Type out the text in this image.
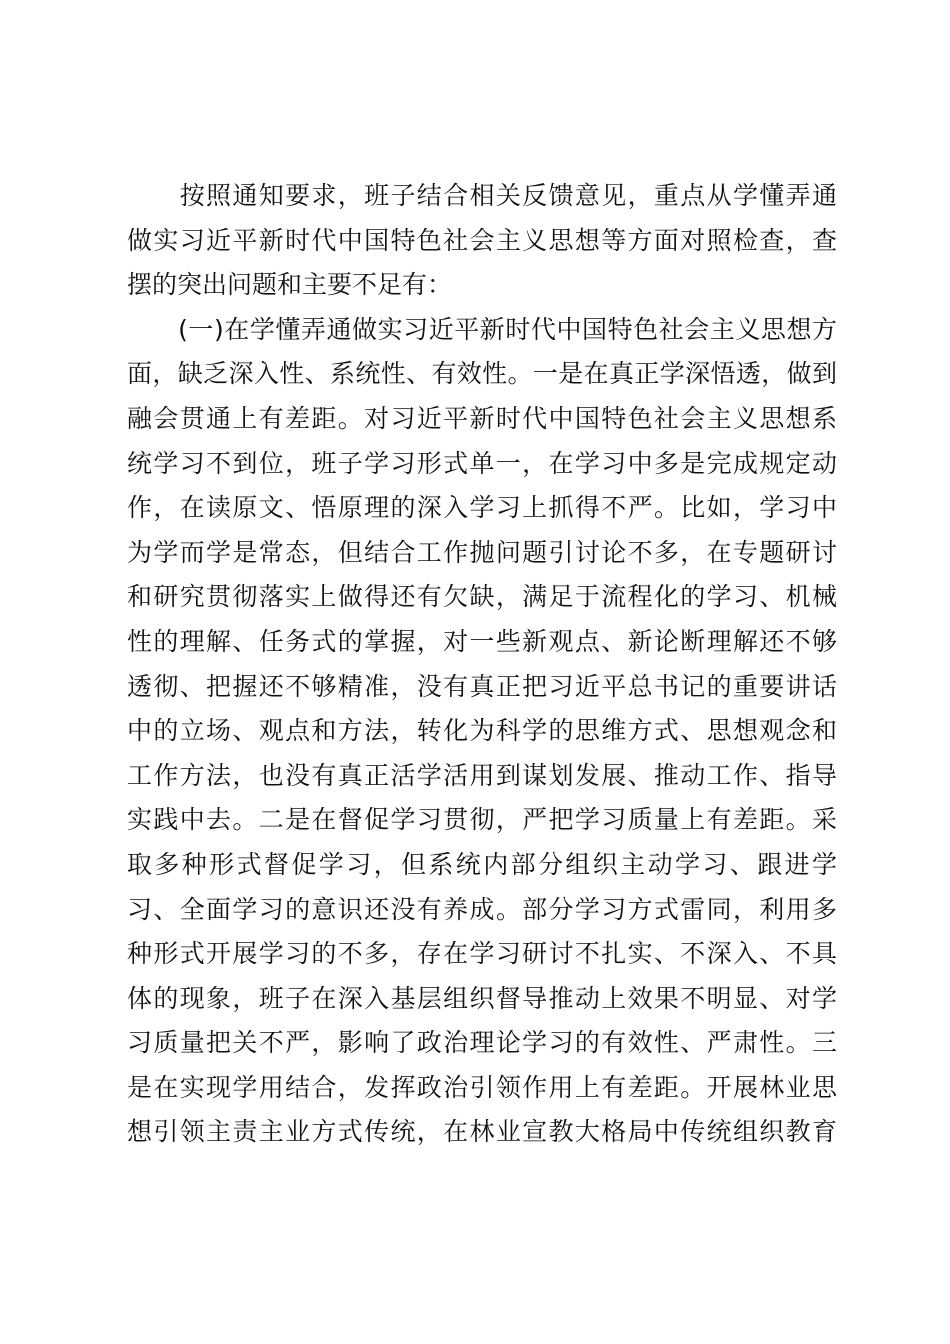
　　按照通知要求，班子结合相关反馈意见，重点从学懂弄通
做实习近平新时代中国特色社会主义思想等方面对照检查，查
摆的突出问题和主要不足有：
　　(一)在学懂弄通做实习近平新时代中国特色社会主义思想方
面，缺乏深入性、系统性、有效性。一是在真正学深悟透，做到
融会贯通上有差距。对习近平新时代中国特色社会主义思想系
统学习不到位，班子学习形式单一，在学习中多是完成规定动
作，在读原文、悟原理的深入学习上抓得不严。比如，学习中
为学而学是常态，但结合工作抛问题引讨论不多，在专题研讨
和研究贯彻落实上做得还有欠缺，满足于流程化的学习、机械
性的理解、任务式的掌握，对一些新观点、新论断理解还不够
透彻、把握还不够精准，没有真正把习近平总书记的重要讲话
中的立场、观点和方法，转化为科学的思维方式、思想观念和
工作方法，也没有真正活学活用到谋划发展、推动工作、指导
实践中去。二是在督促学习贯彻，严把学习质量上有差距。采
取多种形式督促学习，但系统内部分组织主动学习、跟进学
习、全面学习的意识还没有养成。部分学习方式雷同，利用多
种形式开展学习的不多，存在学习研讨不扎实、不深入、不具
体的现象，班子在深入基层组织督导推动上效果不明显、对学
习质量把关不严，影响了政治理论学习的有效性、严肃性。三
是在实现学用结合，发挥政治引领作用上有差距。开展林业思
想引领主责主业方式传统，在林业宣教大格局中传统组织教育
